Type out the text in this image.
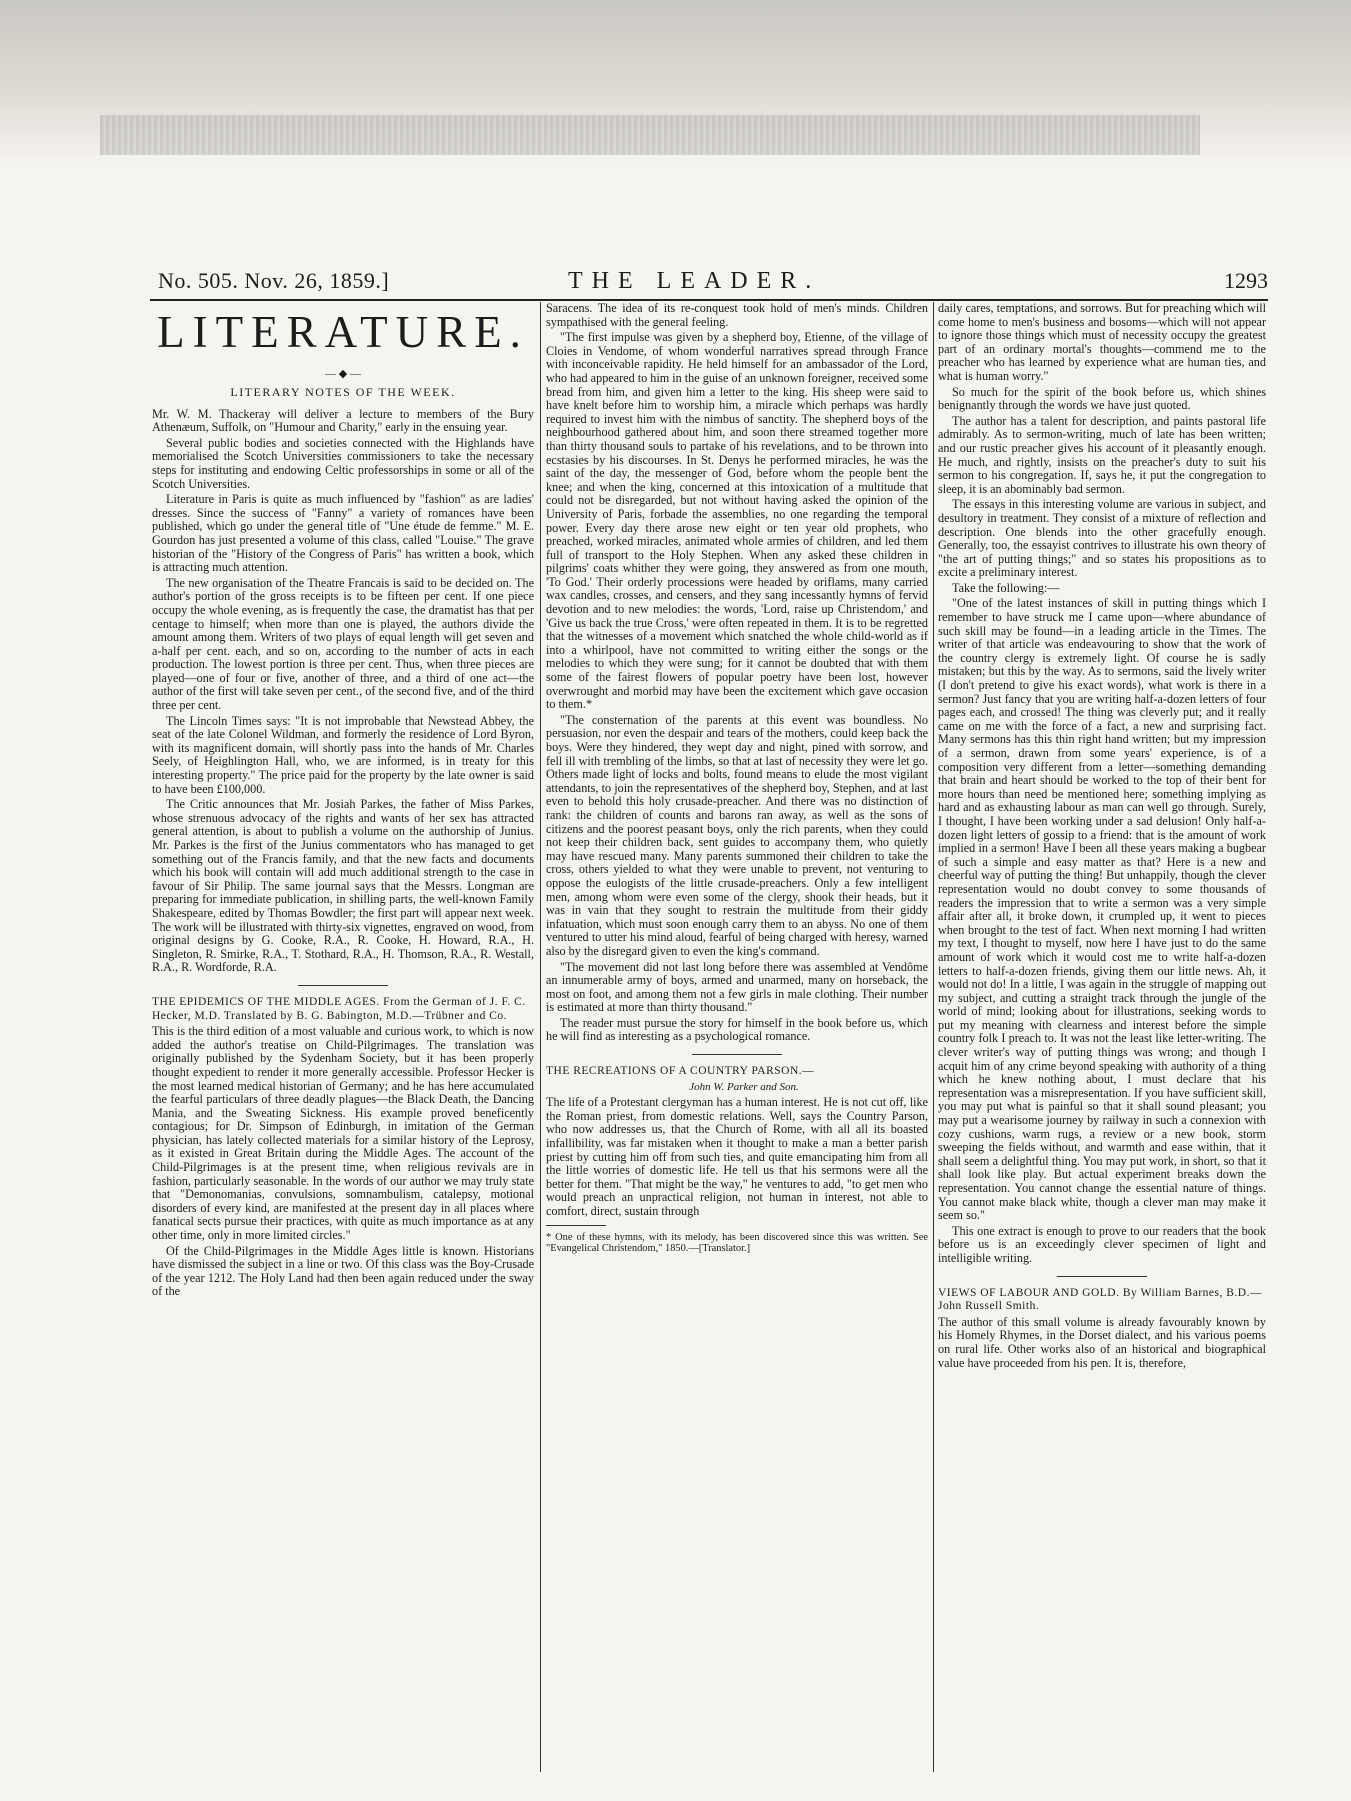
No. 505. Nov. 26, 1859.]	THE LEADER.	1293
LITERATURE.
— ◆ —
LITERARY NOTES OF THE WEEK.

Mr. W. M. Thackeray will deliver a lecture to members of the Bury Athenæum, Suffolk, on "Humour and Charity," early in the ensuing year.

Several public bodies and societies connected with the Highlands have memorialised the Scotch Universities commissioners to take the necessary steps for instituting and endowing Celtic professorships in some or all of the Scotch Universities.

Literature in Paris is quite as much influenced by "fashion" as are ladies' dresses. Since the success of "Fanny" a variety of romances have been published, which go under the general title of "Une étude de femme." M. E. Gourdon has just presented a volume of this class, called "Louise." The grave historian of the "History of the Congress of Paris" has written a book, which is attracting much attention.

The new organisation of the Theatre Francais is said to be decided on. The author's portion of the gross receipts is to be fifteen per cent. If one piece occupy the whole evening, as is frequently the case, the dramatist has that per centage to himself; when more than one is played, the authors divide the amount among them. Writers of two plays of equal length will get seven and a-half per cent. each, and so on, according to the number of acts in each production. The lowest portion is three per cent. Thus, when three pieces are played—one of four or five, another of three, and a third of one act—the author of the first will take seven per cent., of the second five, and of the third three per cent.

The Lincoln Times says: "It is not improbable that Newstead Abbey, the seat of the late Colonel Wildman, and formerly the residence of Lord Byron, with its magnificent domain, will shortly pass into the hands of Mr. Charles Seely, of Heighlington Hall, who, we are informed, is in treaty for this interesting property." The price paid for the property by the late owner is said to have been £100,000.

The Critic announces that Mr. Josiah Parkes, the father of Miss Parkes, whose strenuous advocacy of the rights and wants of her sex has attracted general attention, is about to publish a volume on the authorship of Junius. Mr. Parkes is the first of the Junius commentators who has managed to get something out of the Francis family, and that the new facts and documents which his book will contain will add much additional strength to the case in favour of Sir Philip. The same journal says that the Messrs. Longman are preparing for immediate publication, in shilling parts, the well-known Family Shakespeare, edited by Thomas Bowdler; the first part will appear next week. The work will be illustrated with thirty-six vignettes, engraved on wood, from original designs by G. Cooke, R.A., R. Cooke, H. Howard, R.A., H. Singleton, R. Smirke, R.A., T. Stothard, R.A., H. Thomson, R.A., R. Westall, R.A., R. Wordforde, R.A.

THE EPIDEMICS OF THE MIDDLE AGES. From the German of J. F. C. Hecker, M.D. Translated by B. G. Babington, M.D.—Trübner and Co.

This is the third edition of a most valuable and curious work, to which is now added the author's treatise on Child-Pilgrimages. The translation was originally published by the Sydenham Society, but it has been properly thought expedient to render it more generally accessible. Professor Hecker is the most learned medical historian of Germany; and he has here accumulated the fearful particulars of three deadly plagues—the Black Death, the Dancing Mania, and the Sweating Sickness. His example proved beneficently contagious; for Dr. Simpson of Edinburgh, in imitation of the German physician, has lately collected materials for a similar history of the Leprosy, as it existed in Great Britain during the Middle Ages. The account of the Child-Pilgrimages is at the present time, when religious revivals are in fashion, particularly seasonable. In the words of our author we may truly state that "Demonomanias, convulsions, somnambulism, catalepsy, motional disorders of every kind, are manifested at the present day in all places where fanatical sects pursue their practices, with quite as much importance as at any other time, only in more limited circles."

Of the Child-Pilgrimages in the Middle Ages little is known. Historians have dismissed the subject in a line or two. Of this class was the Boy-Crusade of the year 1212. The Holy Land had then been again reduced under the sway of the

Saracens. The idea of its re-conquest took hold of men's minds. Children sympathised with the general feeling.

"The first impulse was given by a shepherd boy, Etienne, of the village of Cloies in Vendome, of whom wonderful narratives spread through France with inconceivable rapidity. He held himself for an ambassador of the Lord, who had appeared to him in the guise of an unknown foreigner, received some bread from him, and given him a letter to the king. His sheep were said to have knelt before him to worship him, a miracle which perhaps was hardly required to invest him with the nimbus of sanctity. The shepherd boys of the neighbourhood gathered about him, and soon there streamed together more than thirty thousand souls to partake of his revelations, and to be thrown into ecstasies by his discourses. In St. Denys he performed miracles, he was the saint of the day, the messenger of God, before whom the people bent the knee; and when the king, concerned at this intoxication of a multitude that could not be disregarded, but not without having asked the opinion of the University of Paris, forbade the assemblies, no one regarding the temporal power. Every day there arose new eight or ten year old prophets, who preached, worked miracles, animated whole armies of children, and led them full of transport to the Holy Stephen. When any asked these children in pilgrims' coats whither they were going, they answered as from one mouth, 'To God.' Their orderly processions were headed by oriflams, many carried wax candles, crosses, and censers, and they sang incessantly hymns of fervid devotion and to new melodies: the words, 'Lord, raise up Christendom,' and 'Give us back the true Cross,' were often repeated in them. It is to be regretted that the witnesses of a movement which snatched the whole child-world as if into a whirlpool, have not committed to writing either the songs or the melodies to which they were sung; for it cannot be doubted that with them some of the fairest flowers of popular poetry have been lost, however overwrought and morbid may have been the excitement which gave occasion to them.*

"The consternation of the parents at this event was boundless. No persuasion, nor even the despair and tears of the mothers, could keep back the boys. Were they hindered, they wept day and night, pined with sorrow, and fell ill with trembling of the limbs, so that at last of necessity they were let go. Others made light of locks and bolts, found means to elude the most vigilant attendants, to join the representatives of the shepherd boy, Stephen, and at last even to behold this holy crusade-preacher. And there was no distinction of rank: the children of counts and barons ran away, as well as the sons of citizens and the poorest peasant boys, only the rich parents, when they could not keep their children back, sent guides to accompany them, who quietly may have rescued many. Many parents summoned their children to take the cross, others yielded to what they were unable to prevent, not venturing to oppose the eulogists of the little crusade-preachers. Only a few intelligent men, among whom were even some of the clergy, shook their heads, but it was in vain that they sought to restrain the multitude from their giddy infatuation, which must soon enough carry them to an abyss. No one of them ventured to utter his mind aloud, fearful of being charged with heresy, warned also by the disregard given to even the king's command.

"The movement did not last long before there was assembled at Vendôme an innumerable army of boys, armed and unarmed, many on horseback, the most on foot, and among them not a few girls in male clothing. Their number is estimated at more than thirty thousand."

The reader must pursue the story for himself in the book before us, which he will find as interesting as a psychological romance.

THE RECREATIONS OF A COUNTRY PARSON.—

John W. Parker and Son.

The life of a Protestant clergyman has a human interest. He is not cut off, like the Roman priest, from domestic relations. Well, says the Country Parson, who now addresses us, that the Church of Rome, with all all its boasted infallibility, was far mistaken when it thought to make a man a better parish priest by cutting him off from such ties, and quite emancipating him from all the little worries of domestic life. He tell us that his sermons were all the better for them. "That might be the way," he ventures to add, "to get men who would preach an unpractical religion, not human in interest, not able to comfort, direct, sustain through

* One of these hymns, with its melody, has been discovered since this was written. See "Evangelical Christendom," 1850.—[Translator.]

daily cares, temptations, and sorrows. But for preaching which will come home to men's business and bosoms—which will not appear to ignore those things which must of necessity occupy the greatest part of an ordinary mortal's thoughts—commend me to the preacher who has learned by experience what are human ties, and what is human worry."

So much for the spirit of the book before us, which shines benignantly through the words we have just quoted.

The author has a talent for description, and paints pastoral life admirably. As to sermon-writing, much of late has been written; and our rustic preacher gives his account of it pleasantly enough. He much, and rightly, insists on the preacher's duty to suit his sermon to his congregation. If, says he, it put the congregation to sleep, it is an abominably bad sermon.

The essays in this interesting volume are various in subject, and desultory in treatment. They consist of a mixture of reflection and description. One blends into the other gracefully enough. Generally, too, the essayist contrives to illustrate his own theory of "the art of putting things;" and so states his propositions as to excite a preliminary interest.

Take the following:—

"One of the latest instances of skill in putting things which I remember to have struck me I came upon—where abundance of such skill may be found—in a leading article in the Times. The writer of that article was endeavouring to show that the work of the country clergy is extremely light. Of course he is sadly mistaken; but this by the way. As to sermons, said the lively writer (I don't pretend to give his exact words), what work is there in a sermon? Just fancy that you are writing half-a-dozen letters of four pages each, and crossed! The thing was cleverly put; and it really came on me with the force of a fact, a new and surprising fact. Many sermons has this thin right hand written; but my impression of a sermon, drawn from some years' experience, is of a composition very different from a letter—something demanding that brain and heart should be worked to the top of their bent for more hours than need be mentioned here; something implying as hard and as exhausting labour as man can well go through. Surely, I thought, I have been working under a sad delusion! Only half-a-dozen light letters of gossip to a friend: that is the amount of work implied in a sermon! Have I been all these years making a bugbear of such a simple and easy matter as that? Here is a new and cheerful way of putting the thing! But unhappily, though the clever representation would no doubt convey to some thousands of readers the impression that to write a sermon was a very simple affair after all, it broke down, it crumpled up, it went to pieces when brought to the test of fact. When next morning I had written my text, I thought to myself, now here I have just to do the same amount of work which it would cost me to write half-a-dozen letters to half-a-dozen friends, giving them our little news. Ah, it would not do! In a little, I was again in the struggle of mapping out my subject, and cutting a straight track through the jungle of the world of mind; looking about for illustrations, seeking words to put my meaning with clearness and interest before the simple country folk I preach to. It was not the least like letter-writing. The clever writer's way of putting things was wrong; and though I acquit him of any crime beyond speaking with authority of a thing which he knew nothing about, I must declare that his representation was a misrepresentation. If you have sufficient skill, you may put what is painful so that it shall sound pleasant; you may put a wearisome journey by railway in such a connexion with cozy cushions, warm rugs, a review or a new book, storm sweeping the fields without, and warmth and ease within, that it shall seem a delightful thing. You may put work, in short, so that it shall look like play. But actual experiment breaks down the representation. You cannot change the essential nature of things. You cannot make black white, though a clever man may make it seem so."

This one extract is enough to prove to our readers that the book before us is an exceedingly clever specimen of light and intelligible writing.

VIEWS OF LABOUR AND GOLD. By William Barnes, B.D.—John Russell Smith.

The author of this small volume is already favourably known by his Homely Rhymes, in the Dorset dialect, and his various poems on rural life. Other works also of an historical and biographical value have proceeded from his pen. It is, therefore,
